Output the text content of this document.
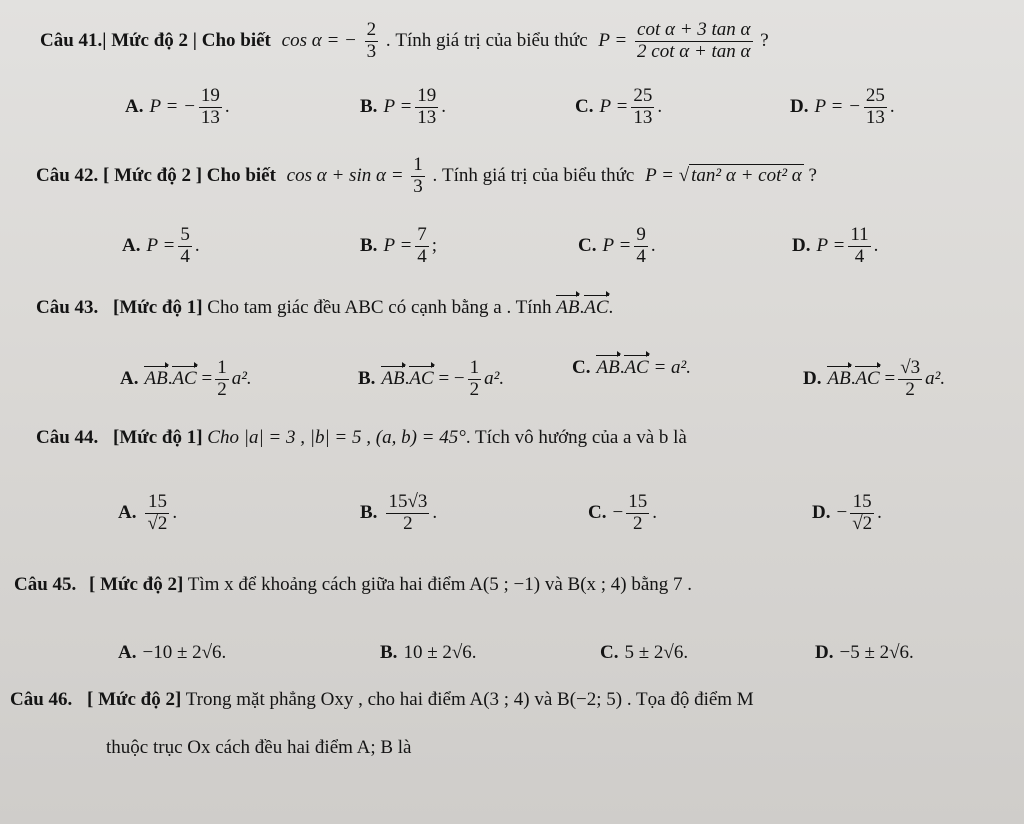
Câu 41.| Mức độ 2 | Cho biết cos α = − $\frac{2}{3}$ . Tính giá trị của biểu thức $P = \frac{\text{cot α + 3 tan α}}{\text{2 cot α + tan α}}$ ?
A. P = − $\frac{19}{13}$ .	B. $P = \frac{19}{13}$ .	C. $P = \frac{25}{13}$ .	D. P = − $\frac{25}{13}$ .
Câu 42. [ Mức độ 2 ] Cho biết $\cos \alpha + \sin \alpha = \frac{1}{3}$ . Tính giá trị của biểu thức P = √ tan² α + cot² α ?
A. $P = \frac{5}{4}$ .	B. $P = \frac{7}{4}$ ;	C. $P = \frac{9}{4}$ .	D. $P = \frac{11}{4}$ .
Câu 43. [Mức độ 1] Cho tam giác đều ABC có cạnh bằng a . Tính AB.AC.
A. $AB.AC = \frac{1}{2} a^2$.	B. AB.AC = − $\frac{1}{2} a^2$.
C. AB.AC = a².
D. $AB.AC = \frac{√3}{2} a^2$.
Câu 44. [Mức độ 1] Cho |a| = 3 , |b| = 5 , (a, b) = 45°. Tích vô hướng của a và b là
A. $\frac{15}{√2}$ .	B. $\frac{15√3}{2}$ .	C. − $\frac{15}{2}$ .	D. − $\frac{15}{√2}$ .
Câu 45. [ Mức độ 2] Tìm x để khoảng cách giữa hai điểm A(5 ; −1) và B(x ; 4) bằng 7 .
A. −10 ± 2√6.	B. 10 ± 2√6.	C. 5 ± 2√6.	D. −5 ± 2√6.
Câu 46. [ Mức độ 2] Trong mặt phẳng Oxy , cho hai điểm A(3 ; 4) và B(−2; 5) . Tọa độ điểm M
thuộc trục Ox cách đều hai điểm A; B là
